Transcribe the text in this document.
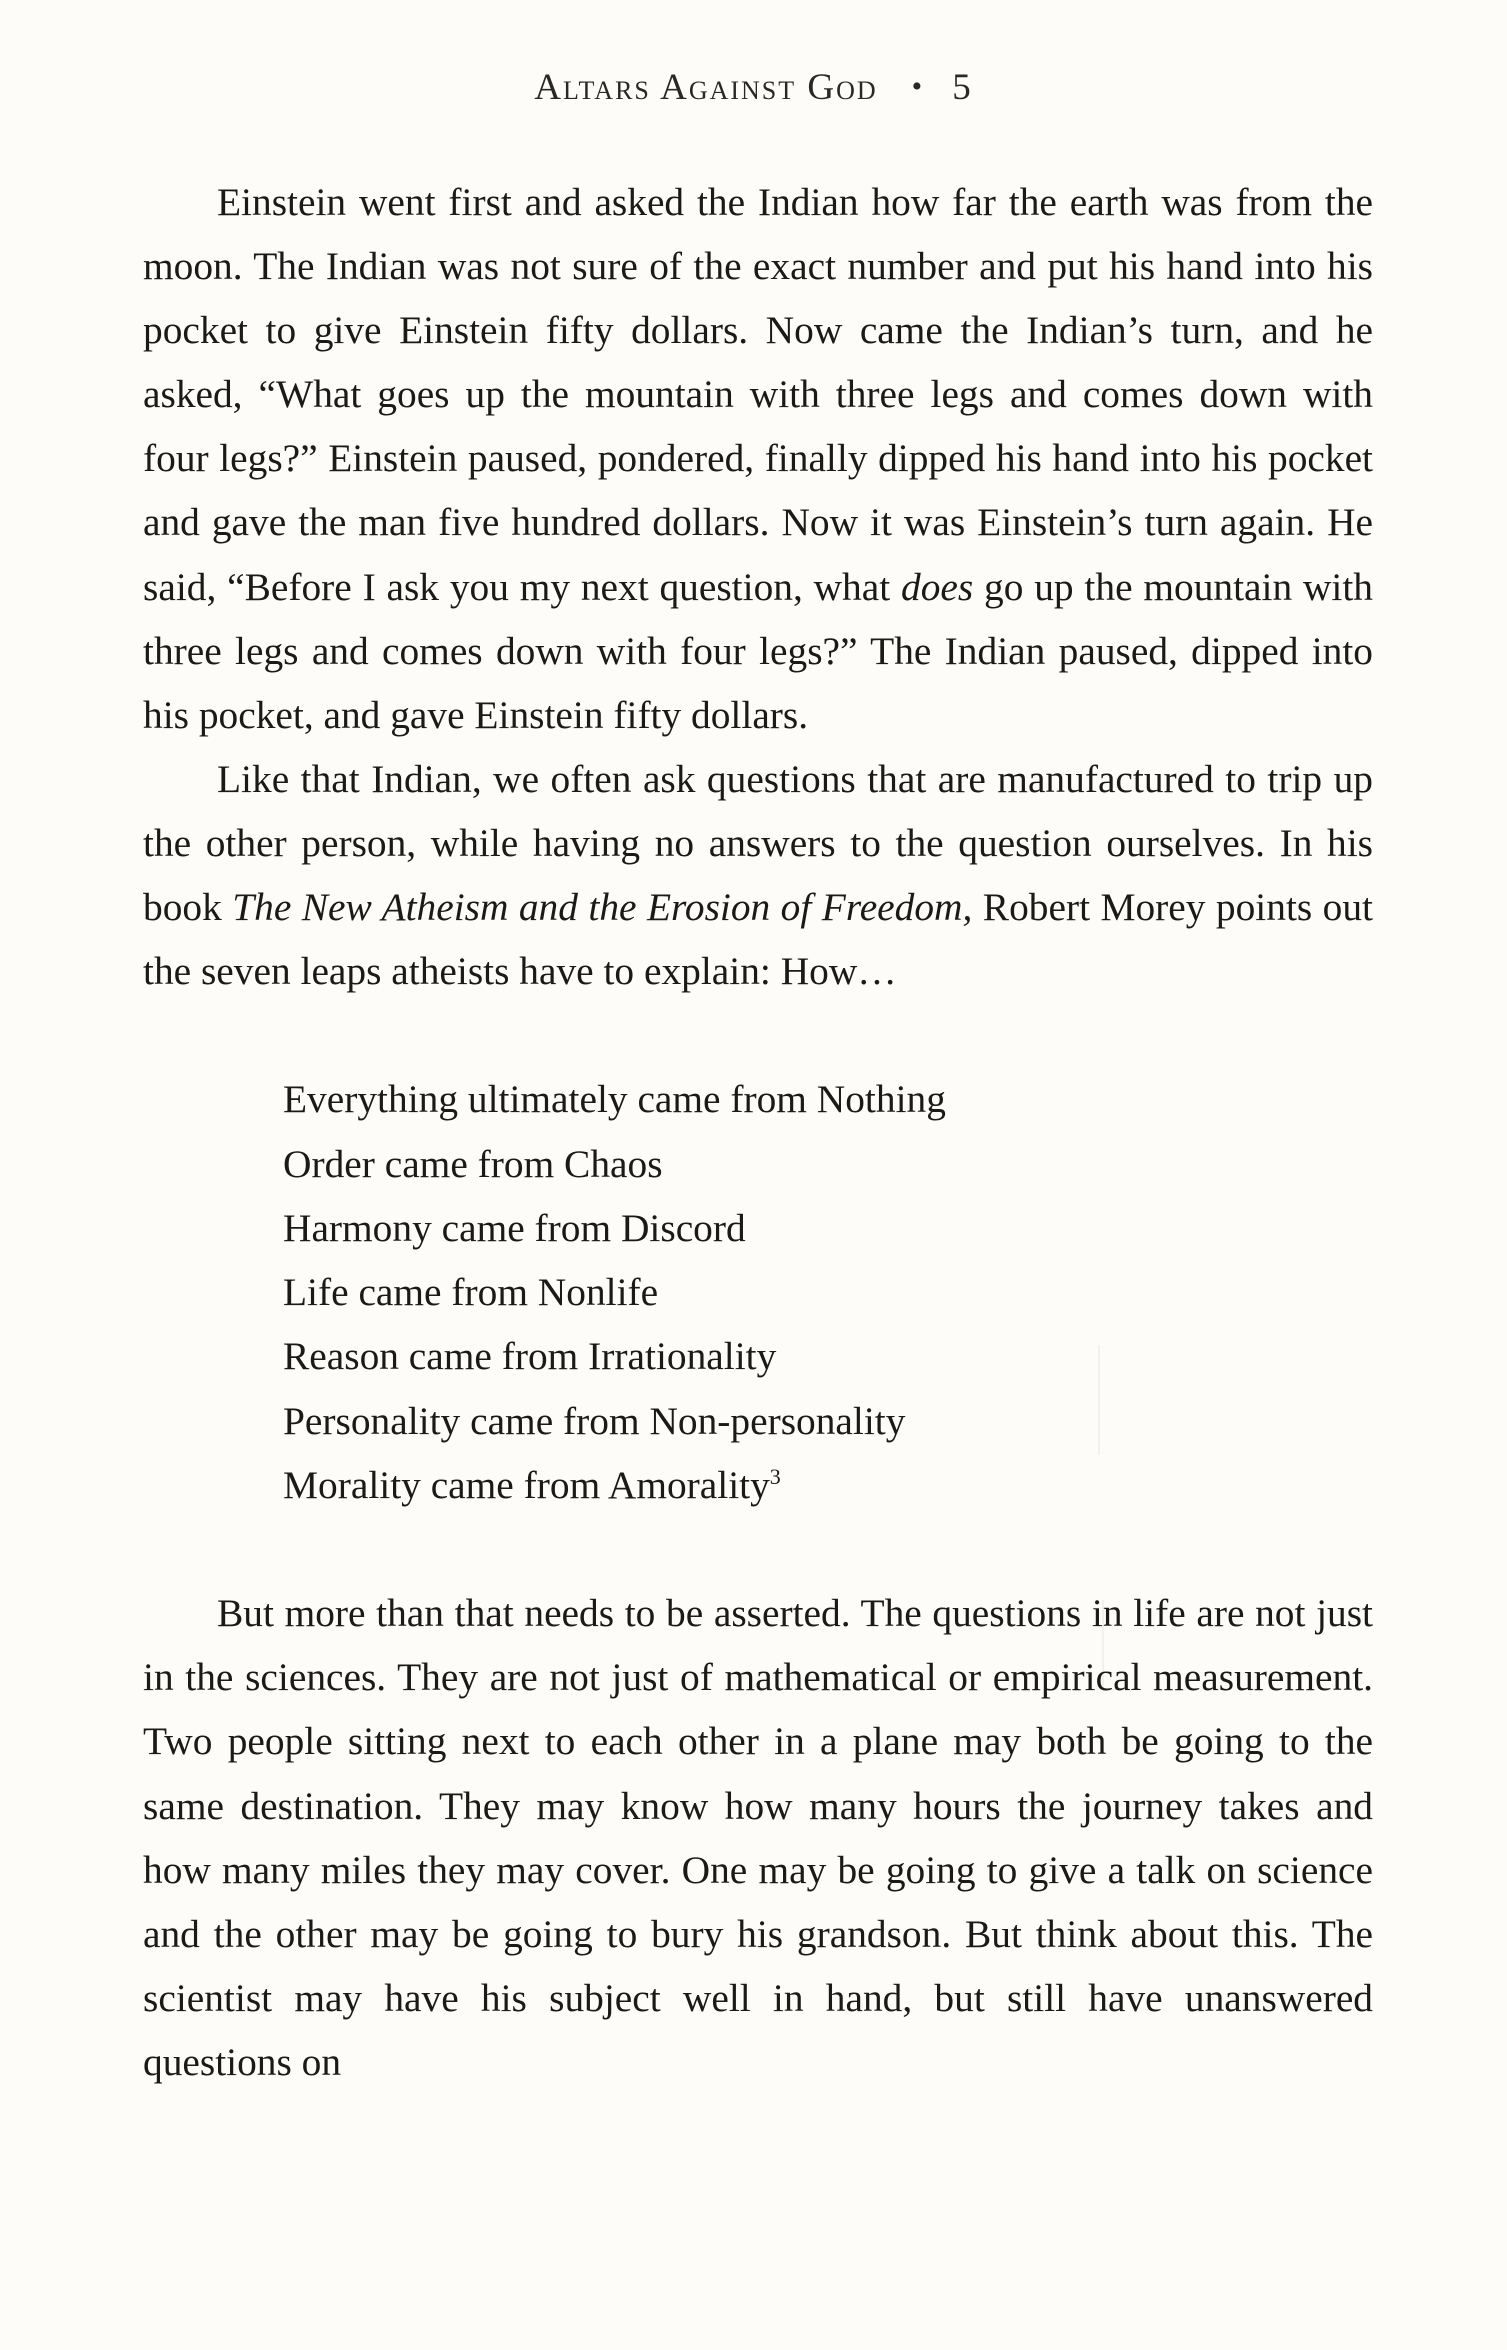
Altars Against God • 5

Einstein went first and asked the Indian how far the earth was from the moon. The Indian was not sure of the exact number and put his hand into his pocket to give Einstein fifty dollars. Now came the Indian’s turn, and he asked, “What goes up the mountain with three legs and comes down with four legs?” Einstein paused, pondered, finally dipped his hand into his pocket and gave the man five hundred dollars. Now it was Einstein’s turn again. He said, “Before I ask you my next question, what does go up the mountain with three legs and comes down with four legs?” The Indian paused, dipped into his pocket, and gave Einstein fifty dollars.

Like that Indian, we often ask questions that are manufactured to trip up the other person, while having no answers to the question ourselves. In his book The New Atheism and the Erosion of Freedom, Robert Morey points out the seven leaps atheists have to explain: How…

Everything ultimately came from Nothing
Order came from Chaos
Harmony came from Discord
Life came from Nonlife
Reason came from Irrationality
Personality came from Non-personality
Morality came from Amorality$^3$

But more than that needs to be asserted. The questions in life are not just in the sciences. They are not just of mathematical or empirical measurement. Two people sitting next to each other in a plane may both be going to the same destination. They may know how many hours the journey takes and how many miles they may cover. One may be going to give a talk on science and the other may be going to bury his grandson. But think about this. The scientist may have his subject well in hand, but still have unanswered questions on
